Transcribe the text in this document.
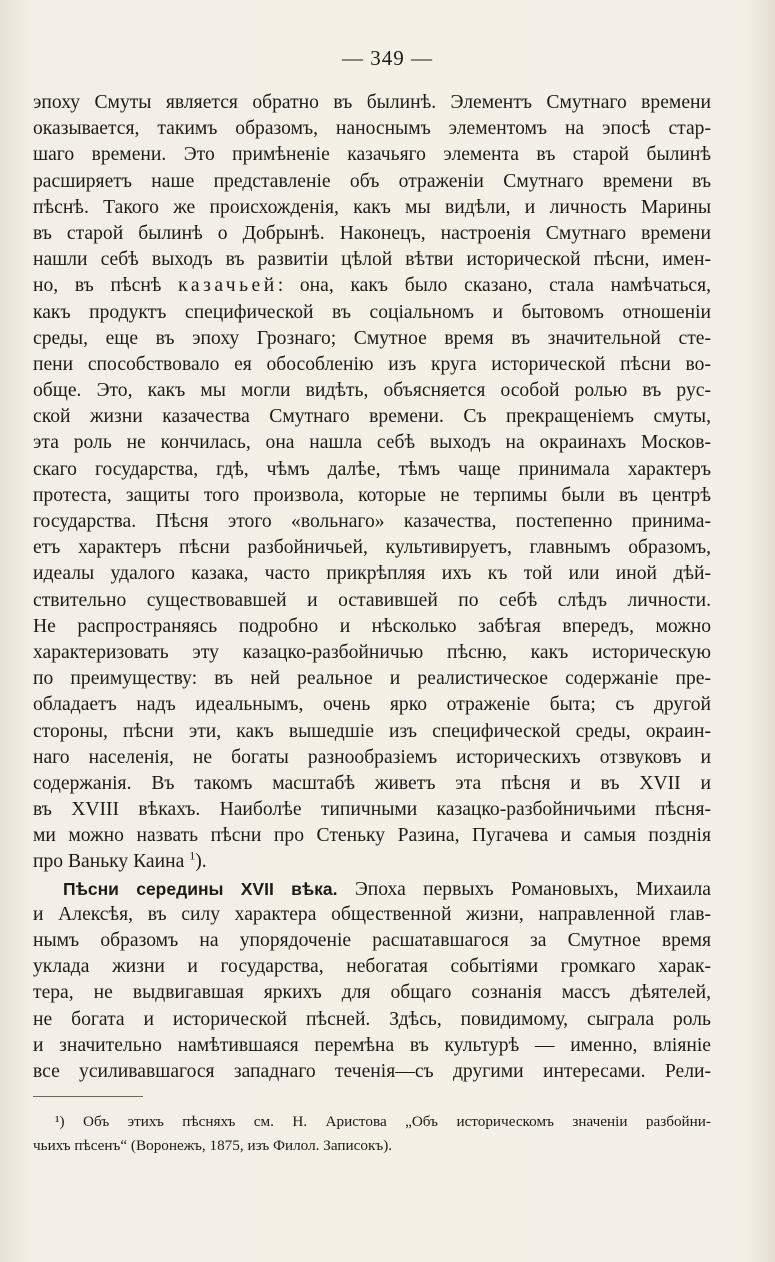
— 349 —
эпоху Смуты является обратно въ былинѣ. Элементъ Смутнаго времени
оказывается, такимъ образомъ, наноснымъ элементомъ на эпосѣ стар-
шаго времени. Это примѣненіе казачьяго элемента въ старой былинѣ
расширяетъ наше представленіе объ отраженіи Смутнаго времени въ
пѣснѣ. Такого же происхожденія, какъ мы видѣли, и личность Марины
въ старой былинѣ о Добрынѣ. Наконецъ, настроенія Смутнаго времени
нашли себѣ выходъ въ развитіи цѣлой вѣтви исторической пѣсни, имен-
но, въ пѣснѣ казачьей: она, какъ было сказано, стала намѣчаться,
какъ продуктъ специфической въ соціальномъ и бытовомъ отношеніи
среды, еще въ эпоху Грознаго; Смутное время въ значительной сте-
пени способствовало ея обособленію изъ круга исторической пѣсни во-
обще. Это, какъ мы могли видѣть, объясняется особой ролью въ рус-
ской жизни казачества Смутнаго времени. Съ прекращеніемъ смуты,
эта роль не кончилась, она нашла себѣ выходъ на окраинахъ Москов-
скаго государства, гдѣ, чѣмъ далѣе, тѣмъ чаще принимала характеръ
протеста, защиты того произвола, которые не терпимы были въ центрѣ
государства. Пѣсня этого «вольнаго» казачества, постепенно принима-
етъ характеръ пѣсни разбойничьей, культивируетъ, главнымъ образомъ,
идеалы удалого казака, часто прикрѣпляя ихъ къ той или иной дѣй-
ствительно существовавшей и оставившей по себѣ слѣдъ личности.
Не распространяясь подробно и нѣсколько забѣгая впередъ, можно
характеризовать эту казацко-разбойничью пѣсню, какъ историческую
по преимуществу: въ ней реальное и реалистическое содержаніе пре-
обладаетъ надъ идеальнымъ, очень ярко отраженіе быта; съ другой
стороны, пѣсни эти, какъ вышедшіе изъ специфической среды, окраин-
наго населенія, не богаты разнообразіемъ историческихъ отзвуковъ и
содержанія. Въ такомъ масштабѣ живетъ эта пѣсня и въ XVII и
въ XVIII вѣкахъ. Наиболѣе типичными казацко-разбойничьими пѣсня-
ми можно назвать пѣсни про Стеньку Разина, Пугачева и самыя позднія
про Ваньку Каина $^1$).
Пѣсни середины XVII вѣка. Эпоха первыхъ Романовыхъ, Михаила
и Алексѣя, въ силу характера общественной жизни, направленной глав-
нымъ образомъ на упорядоченіе расшатавшагося за Смутное время
уклада жизни и государства, небогатая событіями громкаго харак-
тера, не выдвигавшая яркихъ для общаго сознанія массъ дѣятелей,
не богата и исторической пѣсней. Здѣсь, повидимому, сыграла роль
и значительно намѣтившаяся перемѣна въ культурѣ — именно, вліяніе
все усиливавшагося западнаго теченія—съ другими интересами. Рели-
¹) Объ этихъ пѣсняхъ см. Н. Аристова „Объ историческомъ значеніи разбойни-
чьихъ пѣсенъ“ (Воронежъ, 1875, изъ Филол. Записокъ).
